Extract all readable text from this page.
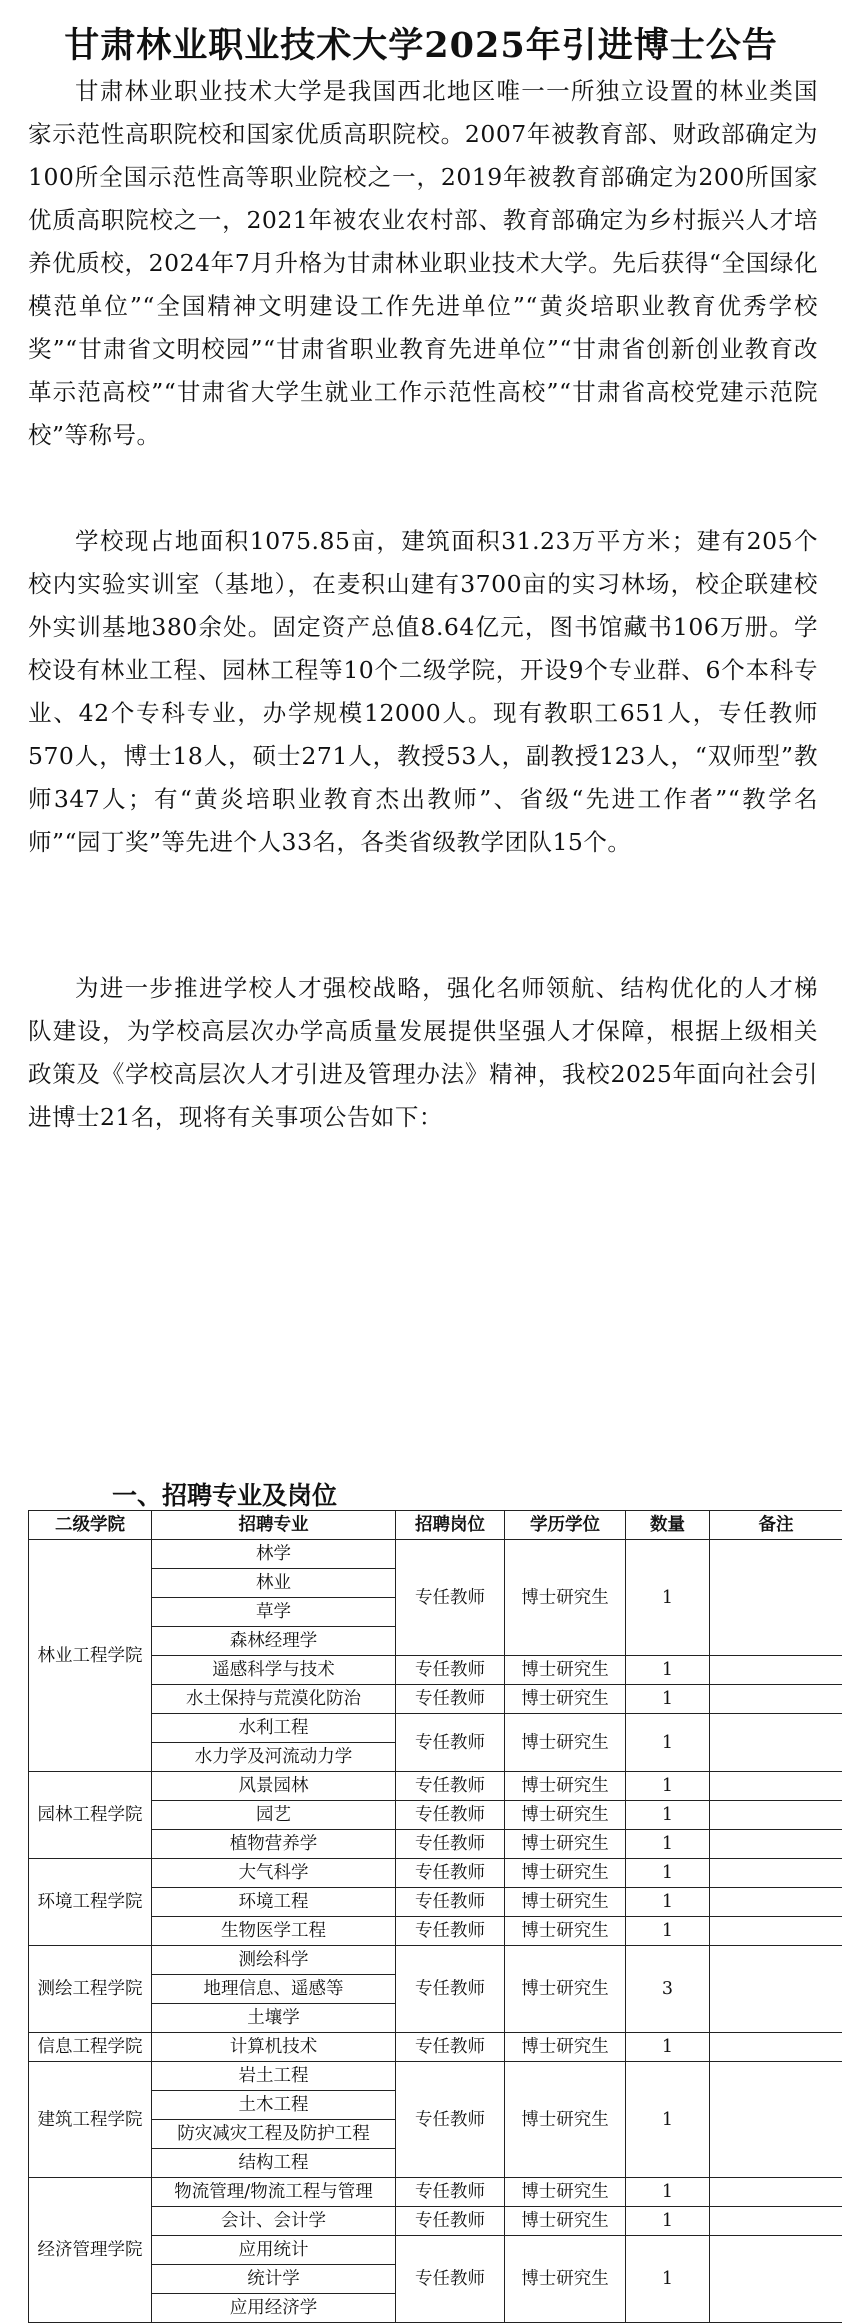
甘肃林业职业技术大学2025年引进博士公告

甘肃林业职业技术大学是我国西北地区唯一一所独立设置的林业类国家示范性高职院校和国家优质高职院校。2007年被教育部、财政部确定为100所全国示范性高等职业院校之一，2019年被教育部确定为200所国家优质高职院校之一，2021年被农业农村部、教育部确定为乡村振兴人才培养优质校，2024年7月升格为甘肃林业职业技术大学。先后获得“全国绿化模范单位”“全国精神文明建设工作先进单位”“黄炎培职业教育优秀学校奖”“甘肃省文明校园”“甘肃省职业教育先进单位”“甘肃省创新创业教育改革示范高校”“甘肃省大学生就业工作示范性高校”“甘肃省高校党建示范院校”等称号。

学校现占地面积1075.85亩，建筑面积31.23万平方米；建有205个校内实验实训室（基地），在麦积山建有3700亩的实习林场，校企联建校外实训基地380余处。固定资产总值8.64亿元，图书馆藏书106万册。学校设有林业工程、园林工程等10个二级学院，开设9个专业群、6个本科专业、42个专科专业，办学规模12000人。现有教职工651人，专任教师570人，博士18人，硕士271人，教授53人，副教授123人，“双师型”教师347人；有“黄炎培职业教育杰出教师”、省级“先进工作者”“教学名师”“园丁奖”等先进个人33名，各类省级教学团队15个。

为进一步推进学校人才强校战略，强化名师领航、结构优化的人才梯队建设，为学校高层次办学高质量发展提供坚强人才保障，根据上级相关政策及《学校高层次人才引进及管理办法》精神，我校2025年面向社会引进博士21名，现将有关事项公告如下：

一、招聘专业及岗位
二级学院	招聘专业	招聘岗位	学历学位	数量	备注
林业工程学院	林学	专任教师	博士研究生	1	
	林业				
	草学				
	森林经理学				
	遥感科学与技术	专任教师	博士研究生	1	
	水土保持与荒漠化防治	专任教师	博士研究生	1	
	水利工程	专任教师	博士研究生	1	
	水力学及河流动力学				
园林工程学院	风景园林	专任教师	博士研究生	1	
	园艺	专任教师	博士研究生	1	
	植物营养学	专任教师	博士研究生	1	
环境工程学院	大气科学	专任教师	博士研究生	1	
	环境工程	专任教师	博士研究生	1	
	生物医学工程	专任教师	博士研究生	1	
测绘工程学院	测绘科学	专任教师	博士研究生	3	
	地理信息、遥感等				
	土壤学				
信息工程学院	计算机技术	专任教师	博士研究生	1	
建筑工程学院	岩土工程	专任教师	博士研究生	1	
	土木工程				
	防灾减灾工程及防护工程				
	结构工程				
经济管理学院	物流管理/物流工程与管理	专任教师	博士研究生	1	
	会计、会计学	专任教师	博士研究生	1	
	应用统计	专任教师	博士研究生	1	
	统计学				
	应用经济学				
